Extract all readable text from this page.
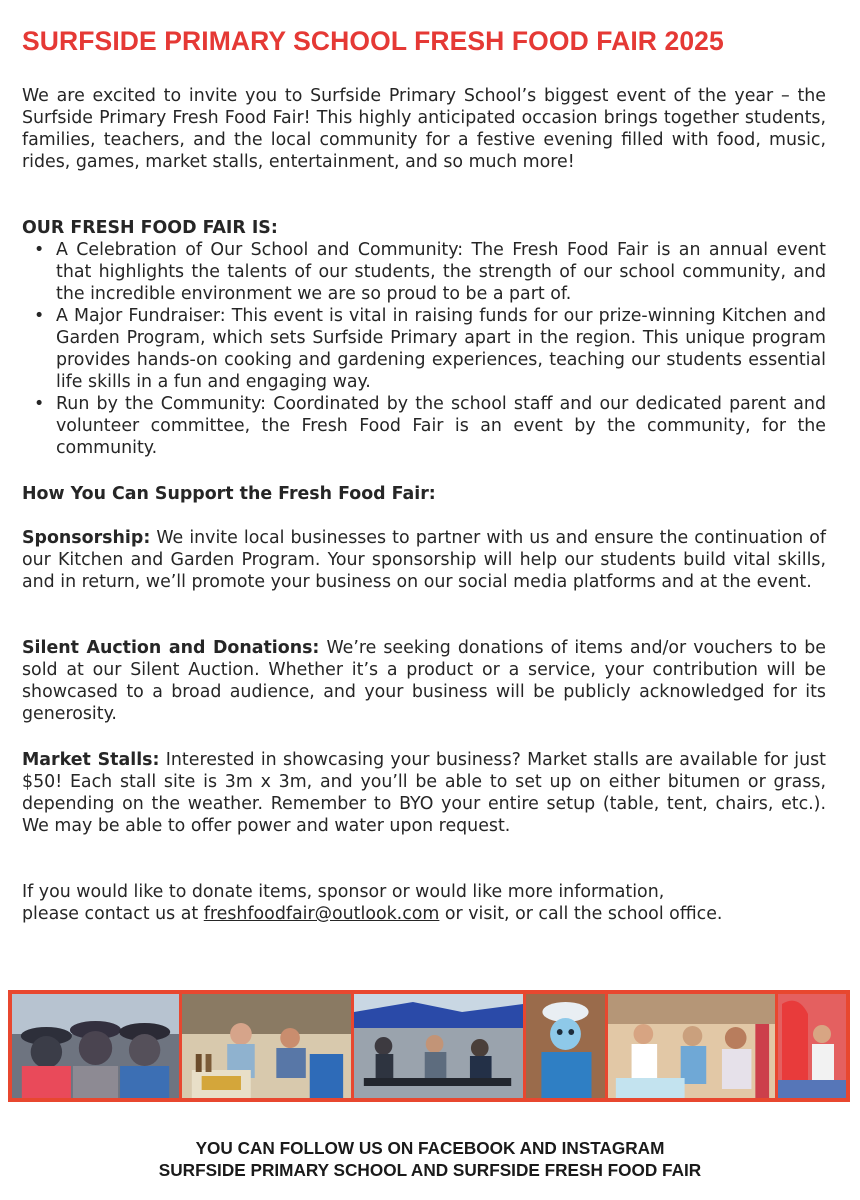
SURFSIDE PRIMARY SCHOOL FRESH FOOD FAIR 2025

We are excited to invite you to Surfside Primary School’s biggest event of the year – the Surfside Primary Fresh Food Fair! This highly anticipated occasion brings together students, families, teachers, and the local community for a festive evening filled with food, music, rides, games, market stalls, entertainment, and so much more!

OUR FRESH FOOD FAIR IS:

• A Celebration of Our School and Community: The Fresh Food Fair is an annual event that highlights the talents of our students, the strength of our school community, and the incredible environment we are so proud to be a part of.
• A Major Fundraiser: This event is vital in raising funds for our prize-winning Kitchen and Garden Program, which sets Surfside Primary apart in the region. This unique program provides hands-on cooking and gardening experiences, teaching our students essential life skills in a fun and engaging way.
• Run by the Community: Coordinated by the school staff and our dedicated parent and volunteer committee, the Fresh Food Fair is an event by the community, for the community.

How You Can Support the Fresh Food Fair:

Sponsorship: We invite local businesses to partner with us and ensure the continuation of our Kitchen and Garden Program. Your sponsorship will help our students build vital skills, and in return, we’ll promote your business on our social media platforms and at the event.

Silent Auction and Donations: We’re seeking donations of items and/or vouchers to be sold at our Silent Auction. Whether it’s a product or a service, your contribution will be showcased to a broad audience, and your business will be publicly acknowledged for its generosity.

Market Stalls: Interested in showcasing your business? Market stalls are available for just $50! Each stall site is 3m x 3m, and you’ll be able to set up on either bitumen or grass, depending on the weather. Remember to BYO your entire setup (table, tent, chairs, etc.). We may be able to offer power and water upon request.

If you would like to donate items, sponsor or would like more information,
please contact us at freshfoodfair@outlook.com or visit, or call the school office.

YOU CAN FOLLOW US ON FACEBOOK AND INSTAGRAM
SURFSIDE PRIMARY SCHOOL AND SURFSIDE FRESH FOOD FAIR
